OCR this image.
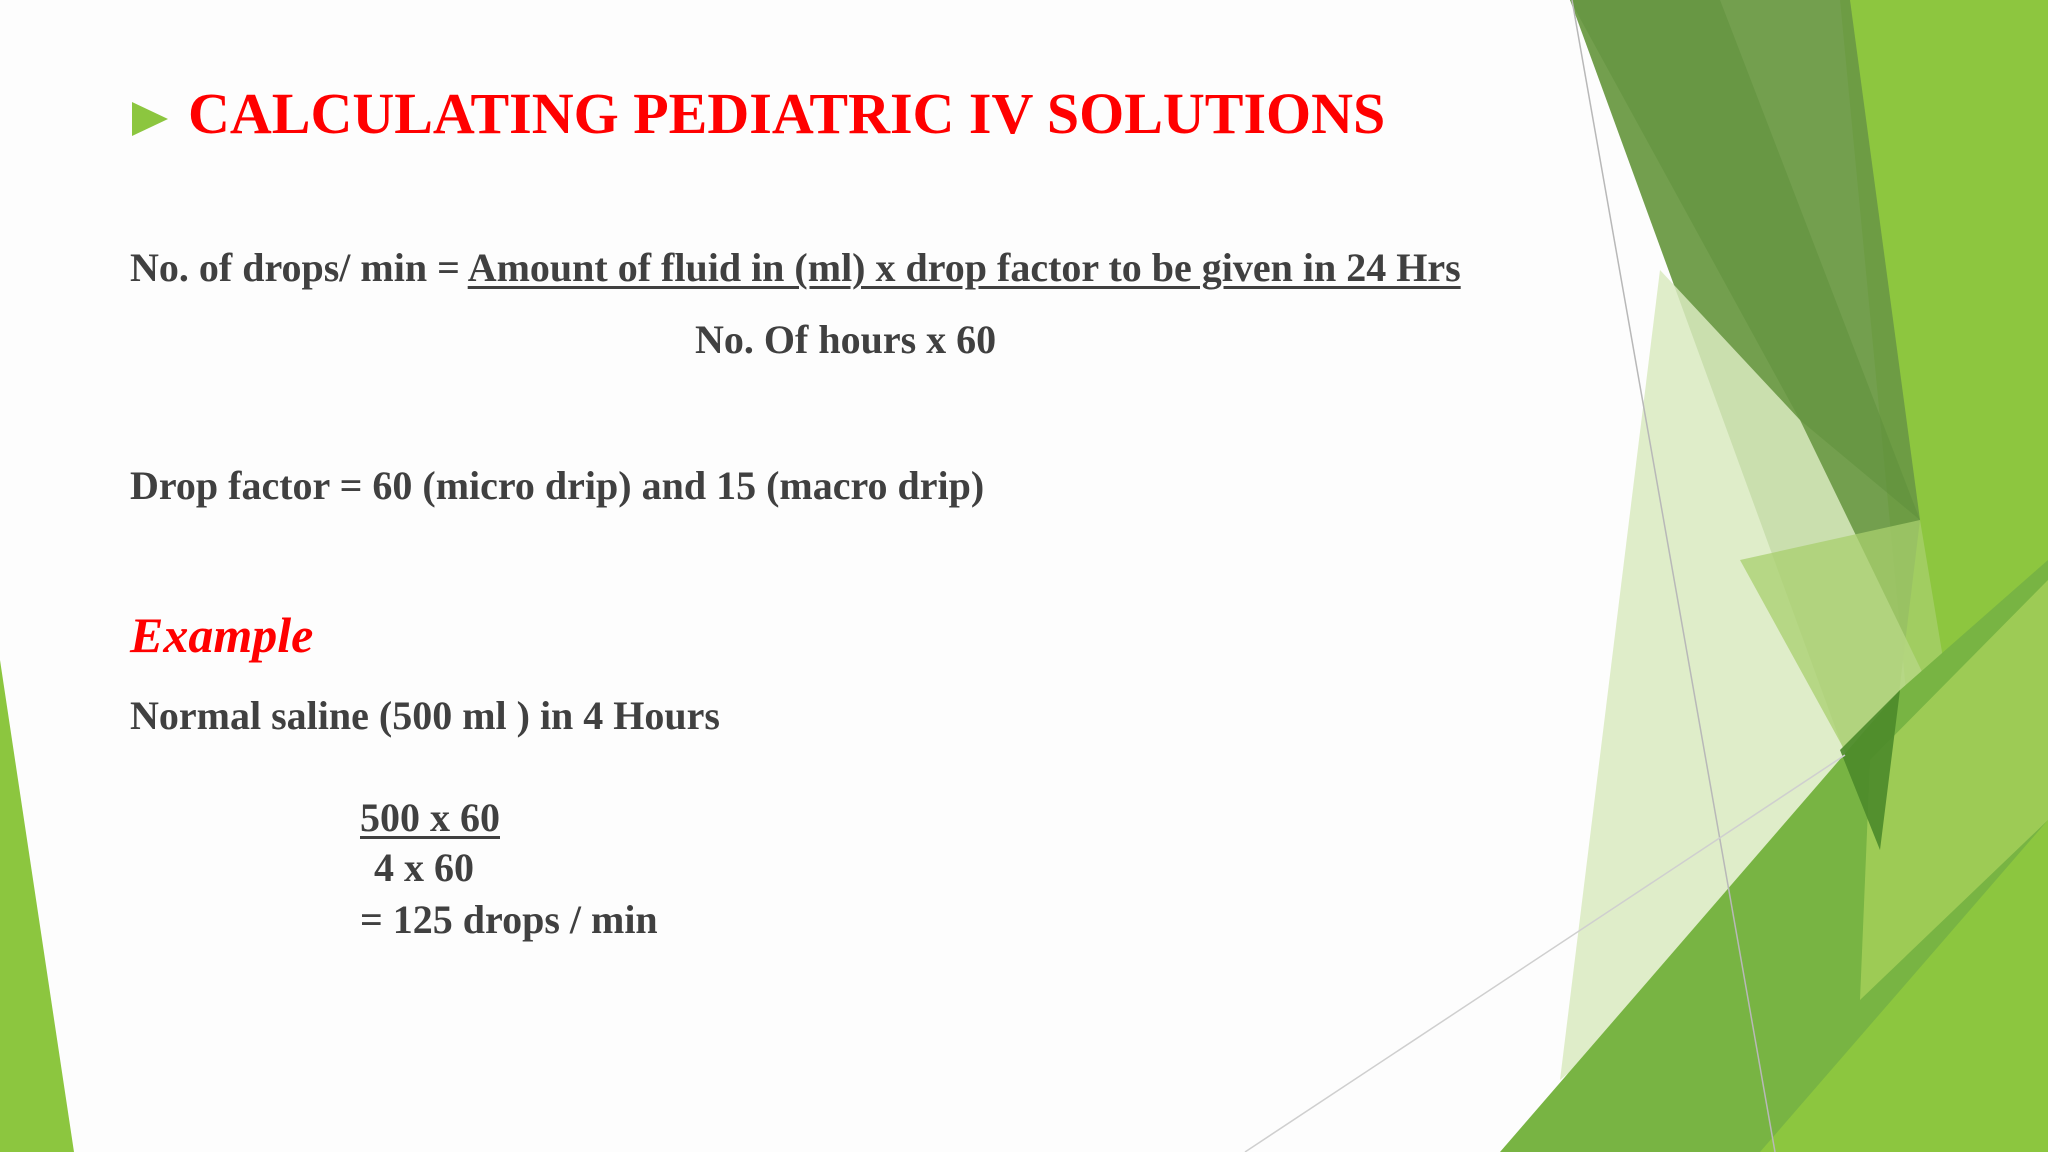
CALCULATING PEDIATRIC IV SOLUTIONS
No. of drops/ min = Amount of fluid in (ml) x drop factor to be given in 24 Hrs
No. Of hours x 60
Drop factor = 60 (micro drip) and 15 (macro drip)
Example
Normal saline (500 ml ) in 4 Hours
500 x 60
4 x 60
= 125 drops / min
